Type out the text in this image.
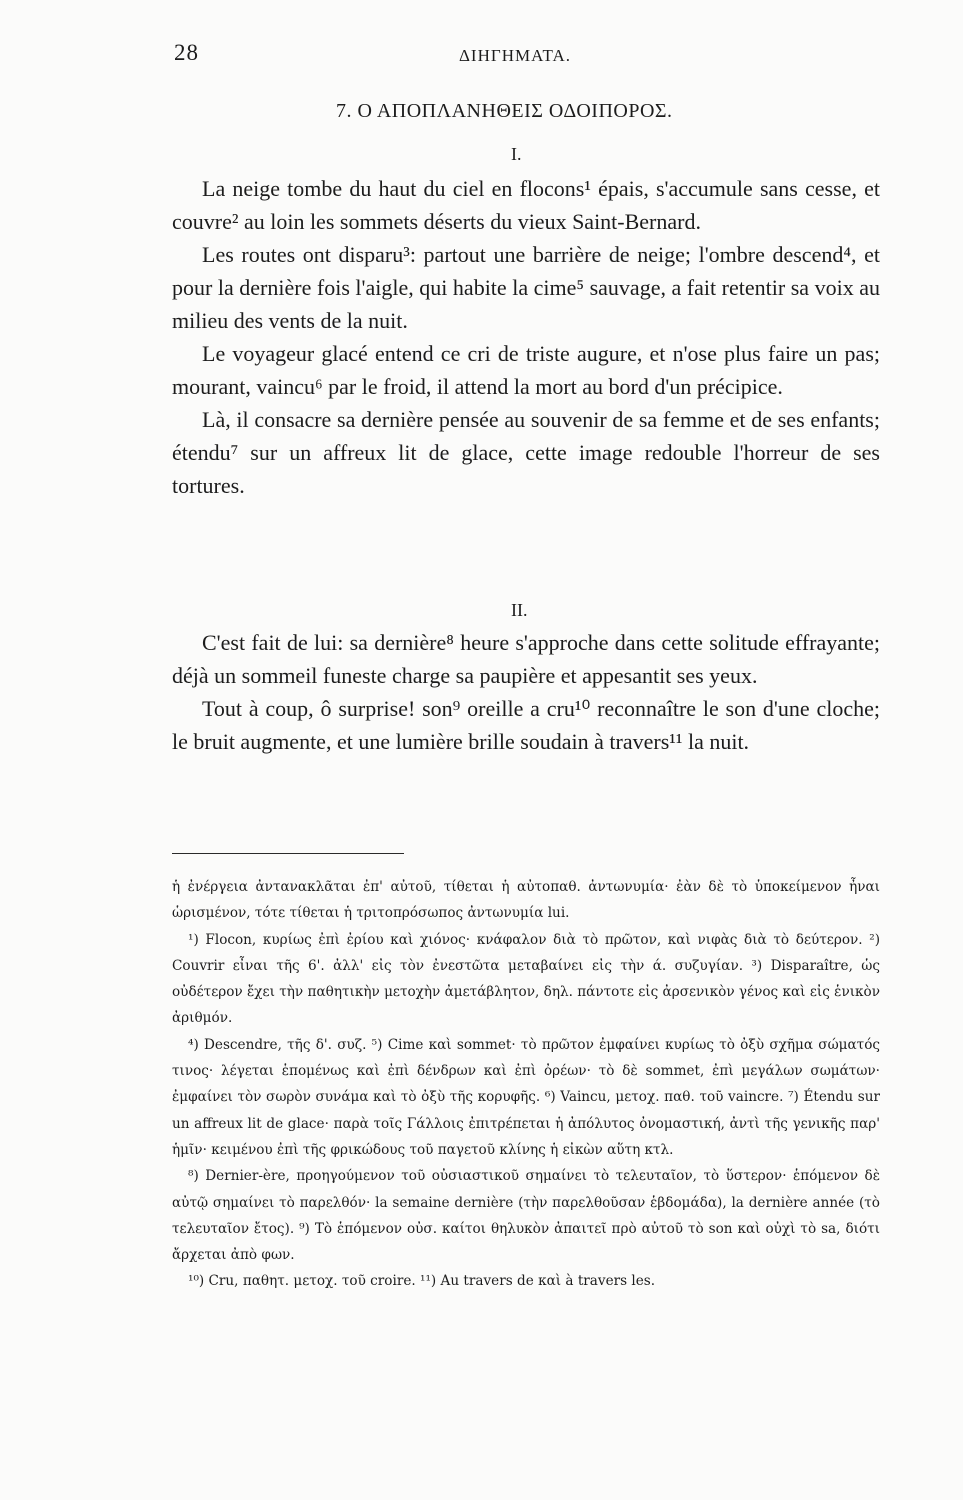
28	ΔΙΗΓΗΜΑΤΑ.
7. Ο ΑΠΟΠΛΑΝΗΘΕΙΣ ΟΔΟΙΠΟΡΟΣ.
I.

La neige tombe du haut du ciel en flocons¹ épais, s'accumule sans cesse, et couvre² au loin les sommets déserts du vieux Saint-Bernard.

Les routes ont disparu³: partout une barrière de neige; l'ombre descend⁴, et pour la dernière fois l'aigle, qui habite la cime⁵ sauvage, a fait retentir sa voix au milieu des vents de la nuit.

Le voyageur glacé entend ce cri de triste augure, et n'ose plus faire un pas; mourant, vaincu⁶ par le froid, il attend la mort au bord d'un précipice.

Là, il consacre sa dernière pensée au souvenir de sa femme et de ses enfants; étendu⁷ sur un affreux lit de glace, cette image redouble l'horreur de ses tortures.

II.

C'est fait de lui: sa dernière⁸ heure s'approche dans cette solitude effrayante; déjà un sommeil funeste charge sa paupière et appesantit ses yeux.

Tout à coup, ô surprise! son⁹ oreille a cru¹⁰ reconnaître le son d'une cloche; le bruit augmente, et une lumière brille soudain à travers¹¹ la nuit.

ἡ ἐνέργεια ἀντανακλᾶται ἐπ' αὐτοῦ, τίθεται ἡ αὐτοπαθ. ἀντωνυμία· ἐὰν δὲ τὸ ὑποκείμενον ἦναι ὡρισμένον, τότε τίθεται ἡ τριτοπρόσωπος ἀντωνυμία lui.

¹) Flocon, κυρίως ἐπὶ ἐρίου καὶ χιόνος· κνάφαλον διὰ τὸ πρῶτον, καὶ νιφὰς διὰ τὸ δεύτερον. ²) Couvrir εἶναι τῆς 6'. ἀλλ' εἰς τὸν ἐνεστῶτα μεταβαίνει εἰς τὴν ά. συζυγίαν. ³) Disparaître, ὡς οὐδέτερον ἔχει τὴν παθητικὴν μετοχὴν ἀμετάβλητον, δηλ. πάντοτε εἰς ἀρσενικὸν γένος καὶ εἰς ἑνικὸν ἀριθμόν.

⁴) Descendre, τῆς δ'. συζ. ⁵) Cime καὶ sommet· τὸ πρῶτον ἐμφαίνει κυρίως τὸ ὀξὺ σχῆμα σώματός τινος· λέγεται ἑπομένως καὶ ἐπὶ δένδρων καὶ ἐπὶ ὀρέων· τὸ δὲ sommet, ἐπὶ μεγάλων σωμάτων· ἐμφαίνει τὸν σωρὸν συνάμα καὶ τὸ ὀξὺ τῆς κορυφῆς. ⁶) Vaincu, μετοχ. παθ. τοῦ vaincre. ⁷) Étendu sur un affreux lit de glace· παρὰ τοῖς Γάλλοις ἐπιτρέπεται ἡ ἀπόλυτος ὀνομαστική, ἀντὶ τῆς γενικῆς παρ' ἡμῖν· κειμένου ἐπὶ τῆς φρικώδους τοῦ παγετοῦ κλίνης ἡ εἰκὼν αὕτη κτλ.

⁸) Dernier-ère, προηγούμενον τοῦ οὐσιαστικοῦ σημαίνει τὸ τελευταῖον, τὸ ὕστερον· ἑπόμενον δὲ αὐτῷ σημαίνει τὸ παρελθόν· la semaine dernière (τὴν παρελθοῦσαν ἑβδομάδα), la dernière année (τὸ τελευταῖον ἔτος). ⁹) Τὸ ἑπόμενον οὐσ. καίτοι θηλυκὸν ἀπαιτεῖ πρὸ αὐτοῦ τὸ son καὶ οὐχὶ τὸ sa, διότι ἄρχεται ἀπὸ φων.

¹⁰) Cru, παθητ. μετοχ. τοῦ croire. ¹¹) Au travers de καὶ à travers les.
